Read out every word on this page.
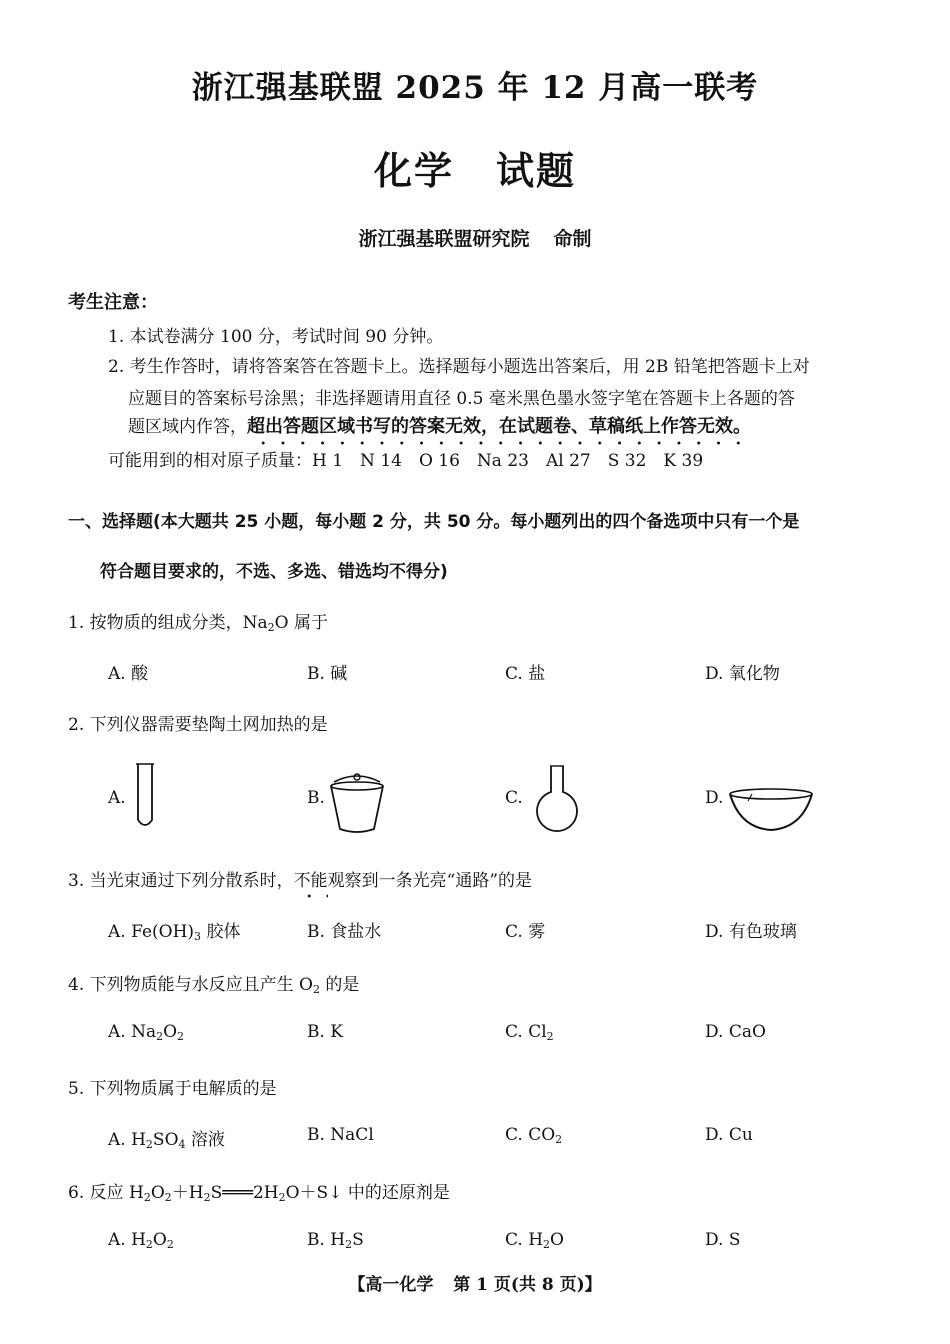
浙江强基联盟 2025 年 12 月高一联考
化学 试题
浙江强基联盟研究院 命制
考生注意：
1. 本试卷满分 100 分，考试时间 90 分钟。
2. 考生作答时，请将答案答在答题卡上。选择题每小题选出答案后，用 2B 铅笔把答题卡上对
应题目的答案标号涂黑；非选择题请用直径 0.5 毫米黑色墨水签字笔在答题卡上各题的答
题区域内作答，超出答题区域书写的答案无效，在试题卷、草稿纸上作答无效。
可能用到的相对原子质量：H 1　N 14　O 16　Na 23　Al 27　S 32　K 39
一、选择题(本大题共 25 小题，每小题 2 分，共 50 分。每小题列出的四个备选项中只有一个是
符合题目要求的，不选、多选、错选均不得分)
1. 按物质的组成分类，$Na_2O$ 属于
A. 酸	B. 碱	C. 盐	D. 氧化物
2. 下列仪器需要垫陶土网加热的是
A.	B.	C.	D.
3. 当光束通过下列分散系时，不能观察到一条光亮“通路”的是
A. $Fe(OH)_3$ 胶体	B. 食盐水	C. 雾	D. 有色玻璃
4. 下列物质能与水反应且产生 $O_2$ 的是
A. $Na_2O_2$	B. K	C. $Cl_2$	D. CaO
5. 下列物质属于电解质的是
A. $H_2SO_4$ 溶液	B. NaCl	C. $CO_2$	D. Cu
6. 反应 $H_2O_2+H_2S═══2H_2O+S↓$ 中的还原剂是
A. $H_2O_2$	B. $H_2S$	C. $H_2O$	D. S
【高一化学 第 1 页(共 8 页)】
